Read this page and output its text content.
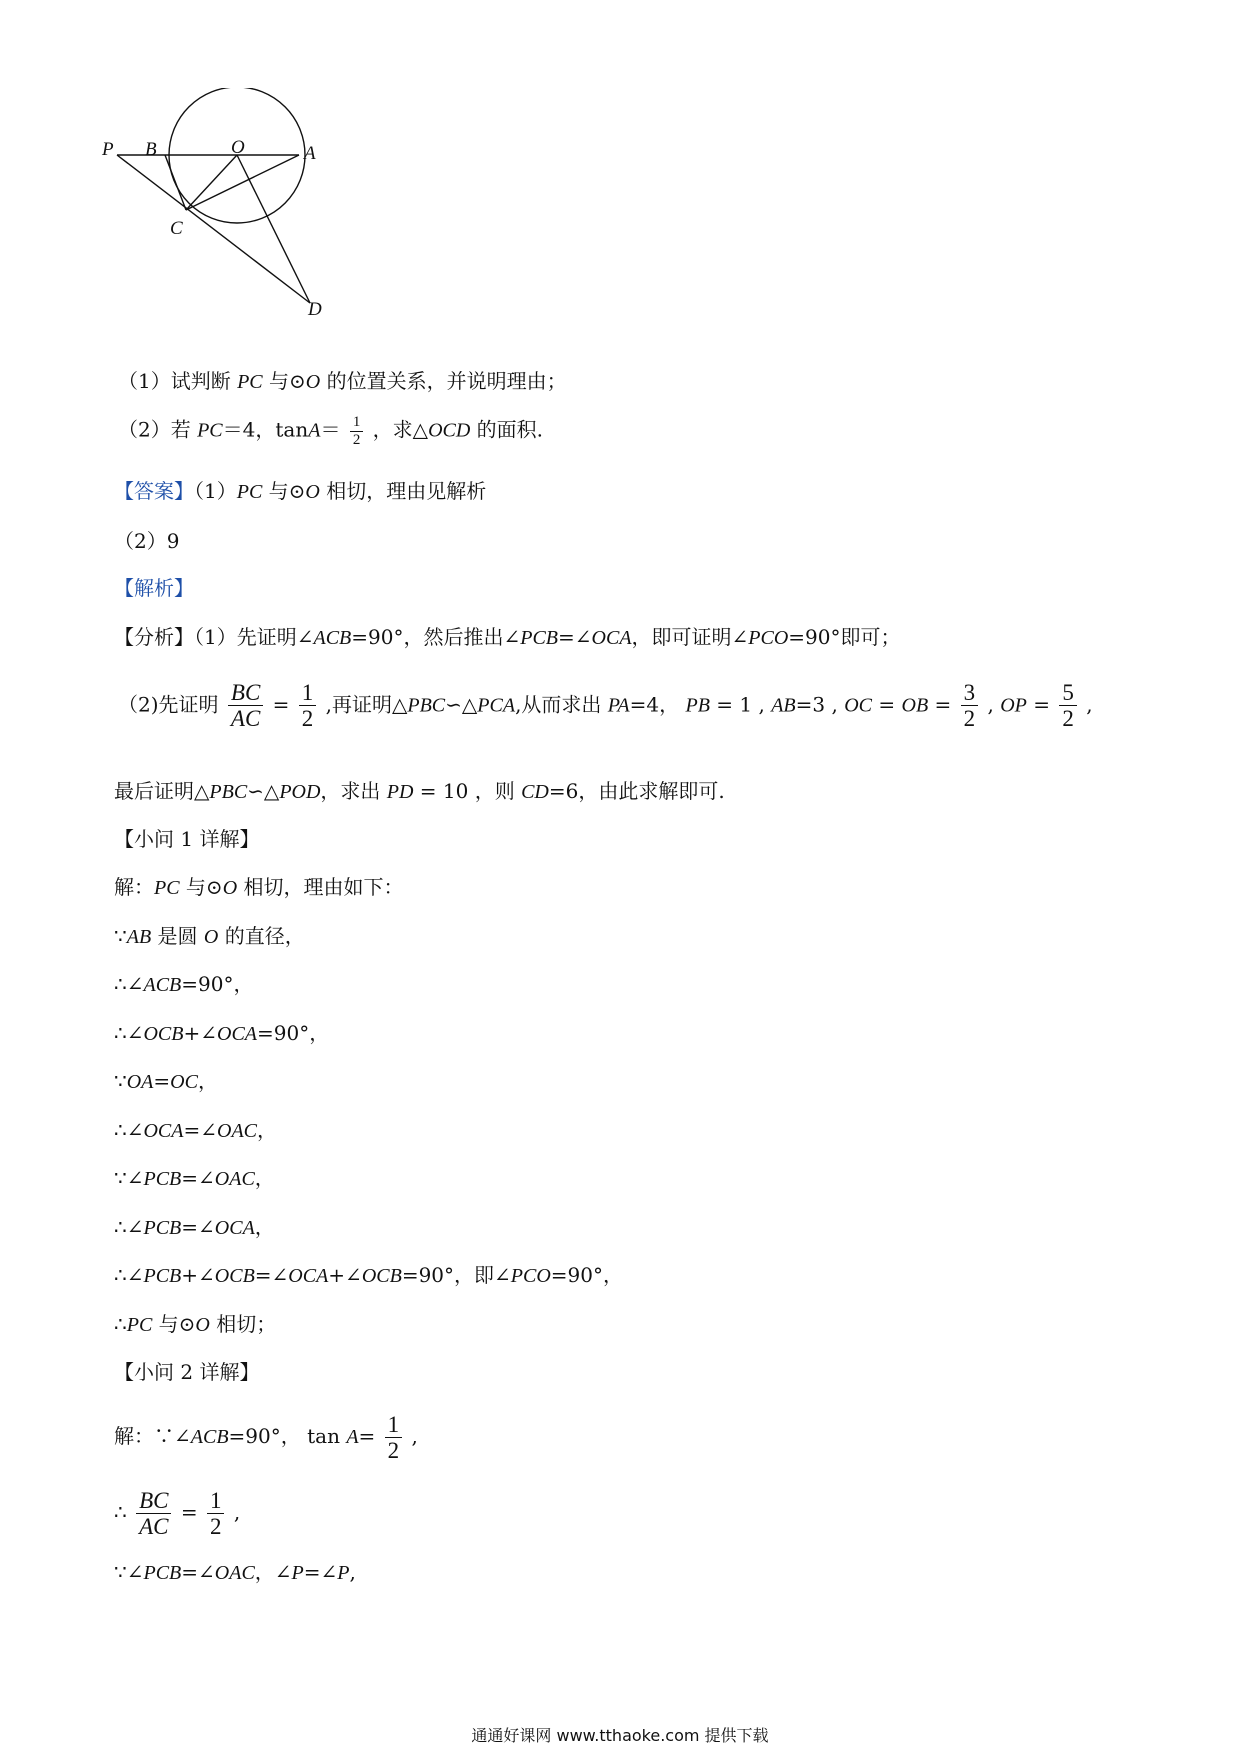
P B	O	A
C
D
（1）试判断 PC 与⊙O 的位置关系，并说明理由；
（2）若 PC＝4，$\tan A= \frac{1}{2}$ ，求△OCD 的面积.
【答案】（1）PC 与⊙O 相切，理由见解析
（2）9
【解析】
【分析】（1）先证明∠ACB=90°，然后推出∠PCB=∠OCA，即可证明∠PCO=90°即可；
（2)先证明 $\frac{BC}{AC} = \frac{1}{2}$ ,再证明△PBC∽△PCA,从而求出 PA=4， PB = 1 , AB=3 , OC = OB = $\frac{3}{2}$ , OP = $\frac{5}{2}$ ,
最后证明△PBC∽△POD，求出 PD = 10 ，则 CD=6，由此求解即可.
【小问 1 详解】
解：PC 与⊙O 相切，理由如下：
∵AB 是圆 O 的直径，
∴∠ACB=90°，
∴∠OCB+∠OCA=90°，
∵OA=OC，
∴∠OCA=∠OAC，
∵∠PCB=∠OAC，
∴∠PCB=∠OCA，
∴∠PCB+∠OCB=∠OCA+∠OCB=90°，即∠PCO=90°，
∴PC 与⊙O 相切；
【小问 2 详解】
解：∵∠ACB=90°， $\tan A= \frac{1}{2}$ ,
∴ $\frac{BC}{AC} = \frac{1}{2}$ ,
∵∠PCB=∠OAC，∠P=∠P,
通通好课网 www.tthaoke.com 提供下载
